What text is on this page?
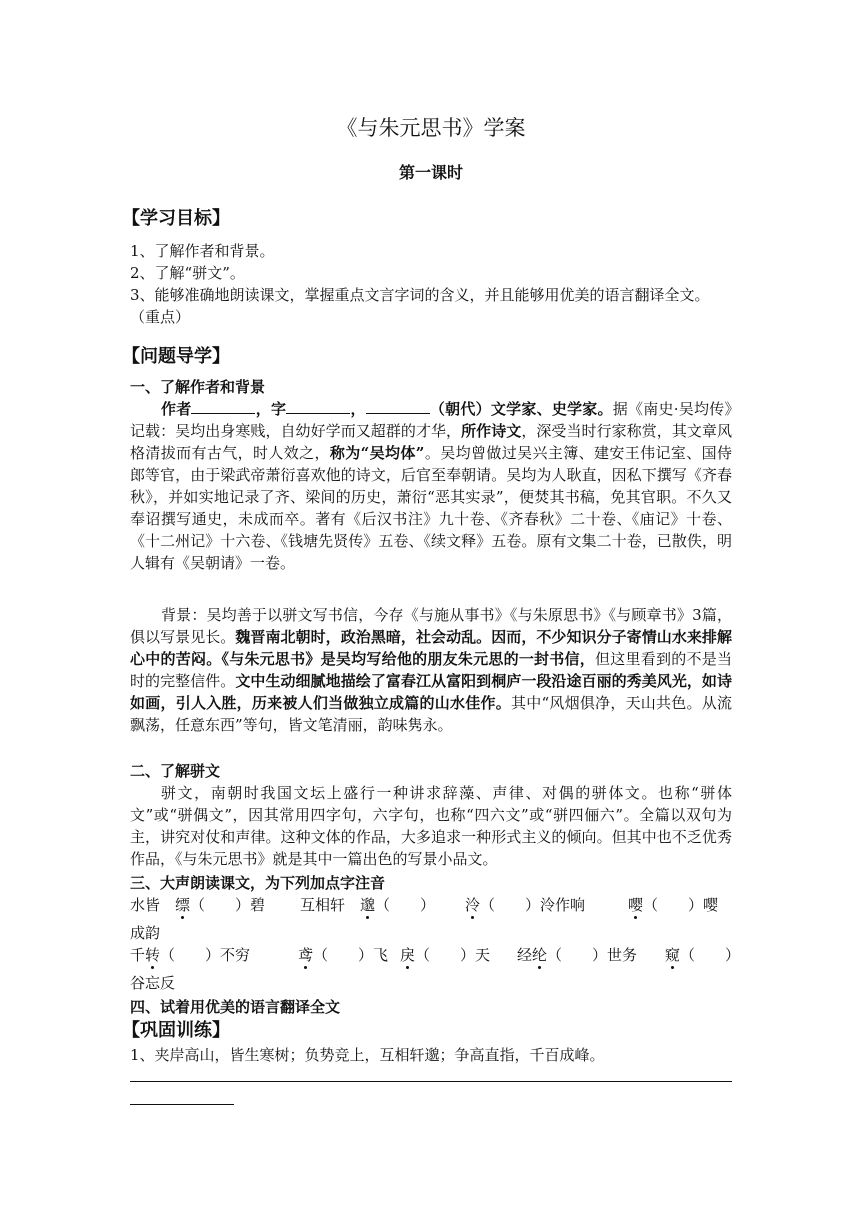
《与朱元思书》学案
第一课时
【学习目标】
1、了解作者和背景。
2、了解“骈文”。
3、能够准确地朗读课文，掌握重点文言字词的含义，并且能够用优美的语言翻译全文。（重点）
【问题导学】
一、了解作者和背景
作者	，字	，	（朝代）文学家、史学家。据《南史·吴均传》记载：吴均出身寒贱，自幼好学而又超群的才华，所作诗文，深受当时行家称赏，其文章风格清拔而有古气，时人效之，称为“吴均体”。吴均曾做过吴兴主簿、建安王伟记室、国侍郎等官，由于梁武帝萧衍喜欢他的诗文，后官至奉朝请。吴均为人耿直，因私下撰写《齐春秋》，并如实地记录了齐、梁间的历史，萧衍“恶其实录”，便焚其书稿，免其官职。不久又奉诏撰写通史，未成而卒。著有《后汉书注》九十卷、《齐春秋》二十卷、《庙记》十卷、《十二州记》十六卷、《钱塘先贤传》五卷、《续文释》五卷。原有文集二十卷，已散佚，明人辑有《吴朝请》一卷。
背景：吴均善于以骈文写书信，今存《与施从事书》《与朱原思书》《与顾章书》3篇，俱以写景见长。魏晋南北朝时，政治黑暗，社会动乱。因而，不少知识分子寄情山水来排解心中的苦闷。《与朱元思书》是吴均写给他的朋友朱元思的一封书信，但这里看到的不是当时的完整信件。文中生动细腻地描绘了富春江从富阳到桐庐一段沿途百丽的秀美风光，如诗如画，引人入胜，历来被人们当做独立成篇的山水佳作。其中“风烟俱净，天山共色。从流飘荡，任意东西”等句，皆文笔清丽，韵味隽永。
二、了解骈文
骈文，南朝时我国文坛上盛行一种讲求辞藻、声律、对偶的骈体文。也称“骈体文”或“骈偶文”，因其常用四字句，六字句，也称“四六文”或“骈四俪六”。全篇以双句为主，讲究对仗和声律。这种文体的作品，大多追求一种形式主义的倾向。但其中也不乏优秀作品，《与朱元思书》就是其中一篇出色的写景小品文。
三、大声朗读课文，为下列加点字注音
水皆 缥 （　　）碧 互相轩 邈 （　　） 泠 （　　）泠作响	嘤 （　　）嘤
成韵
千 转 （　　）不穷	鸢 （　　）飞 戾 （　　）天 经 纶 （　　）世务 窥 （　　）
谷忘反
四、试着用优美的语言翻译全文
【巩固训练】
1、夹岸高山，皆生寒树；负势竞上，互相轩邈；争高直指，千百成峰。
